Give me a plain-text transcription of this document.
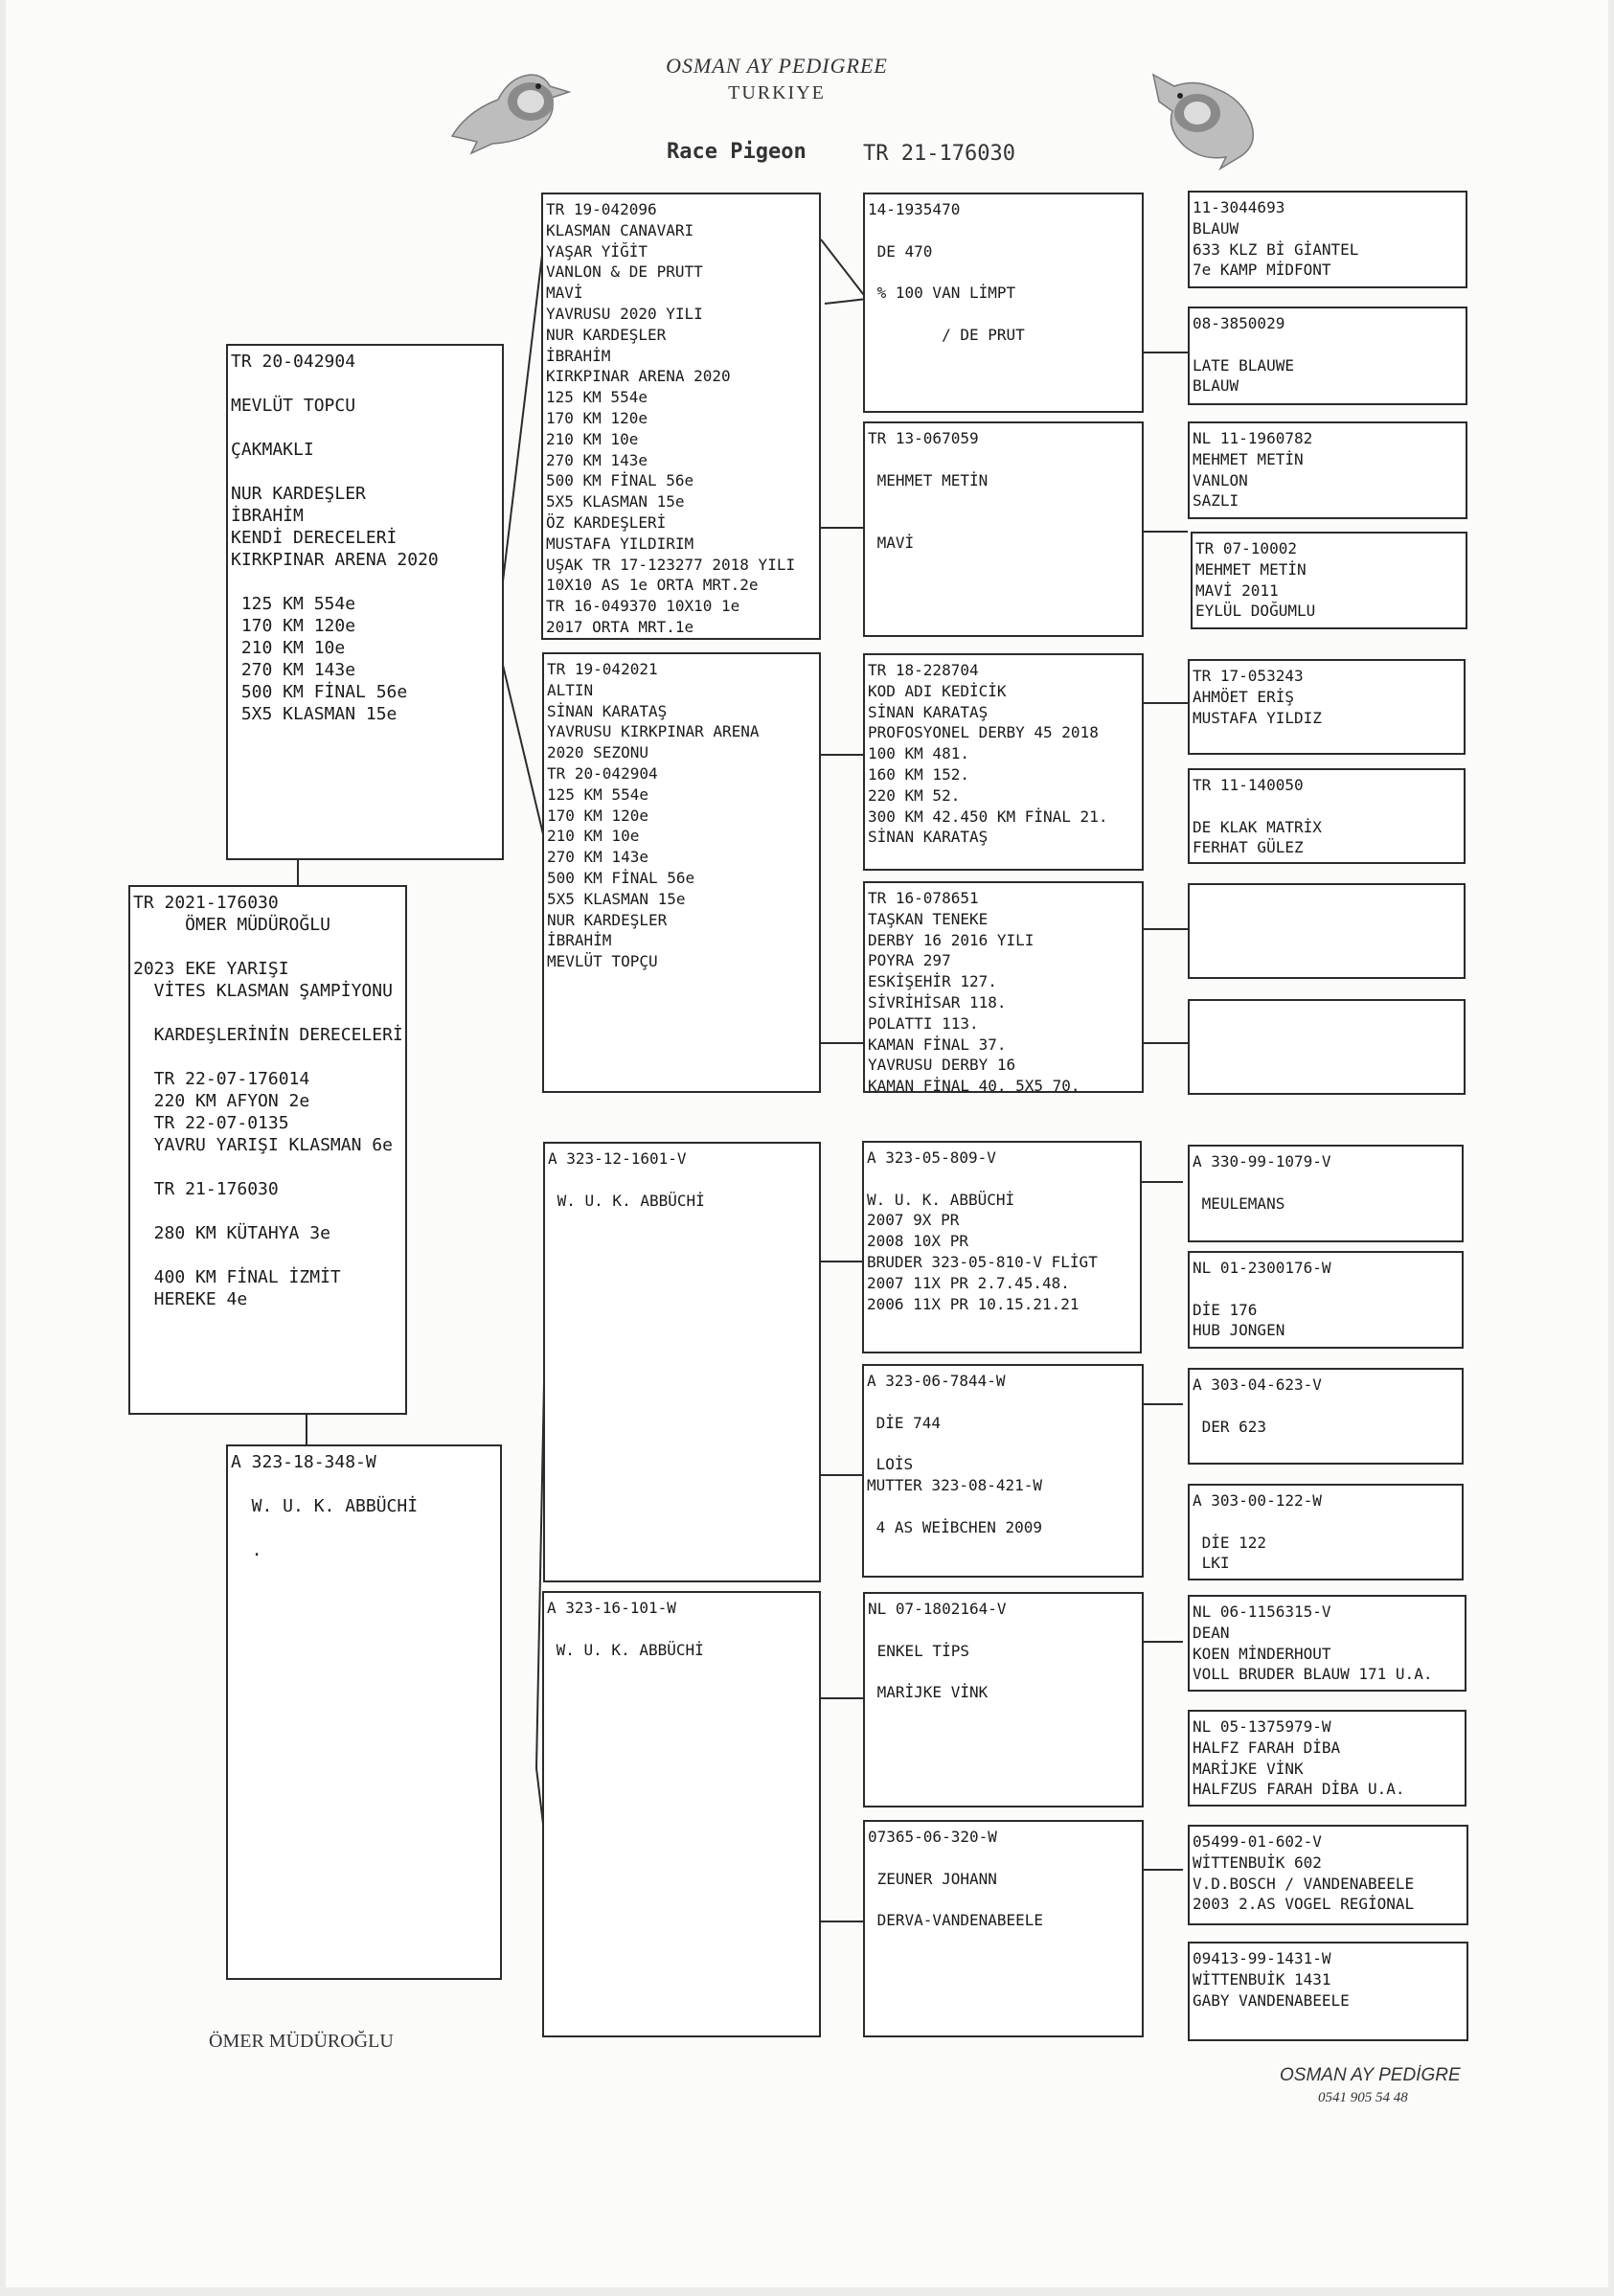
OSMAN AY PEDIGREE
TURKIYE
Race Pigeon	TR 21-176030
TR 2021-176030
ÖMER MÜDÜROĞLU

2023 EKE YARIŞI
VİTES KLASMAN ŞAMPİYONU

KARDEŞLERİNİN DERECELERİ

TR 22-07-176014
220 KM AFYON 2e
TR 22-07-0135
YAVRU YARIŞI KLASMAN 6e

TR 21-176030

280 KM KÜTAHYA 3e

400 KM FİNAL İZMİT
HEREKE 4e
TR 20-042904

MEVLÜT TOPCU

ÇAKMAKLI

NUR KARDEŞLER
İBRAHİM
KENDİ DERECELERİ
KIRKPINAR ARENA 2020

125 KM 554e
170 KM 120e
210 KM 10e
270 KM 143e
500 KM FİNAL 56e
5X5 KLASMAN 15e
A 323-18-348-W

W. U. K. ABBÜCHİ

.
TR 19-042096
KLASMAN CANAVARI
YAŞAR YİĞİT
VANLON & DE PRUTT
MAVİ
YAVRUSU 2020 YILI
NUR KARDEŞLER
İBRAHİM
KIRKPINAR ARENA 2020
125 KM 554e
170 KM 120e
210 KM 10e
270 KM 143e
500 KM FİNAL 56e
5X5 KLASMAN 15e
ÖZ KARDEŞLERİ
MUSTAFA YILDIRIM
UŞAK TR 17-123277 2018 YILI
10X10 AS 1e ORTA MRT.2e
TR 16-049370 10X10 1e
2017 ORTA MRT.1e
TR 19-042021
ALTIN
SİNAN KARATAŞ
YAVRUSU KIRKPINAR ARENA
2020 SEZONU
TR 20-042904
125 KM 554e
170 KM 120e
210 KM 10e
270 KM 143e
500 KM FİNAL 56e
5X5 KLASMAN 15e
NUR KARDEŞLER
İBRAHİM
MEVLÜT TOPÇU
A 323-12-1601-V

W. U. K. ABBÜCHİ
A 323-16-101-W

W. U. K. ABBÜCHİ
14-1935470

DE 470

% 100 VAN LİMPT

/ DE PRUT
TR 13-067059

MEHMET METİN

MAVİ
TR 18-228704
KOD ADI KEDİCİK
SİNAN KARATAŞ
PROFOSYONEL DERBY 45 2018
100 KM 481.
160 KM 152.
220 KM 52.
300 KM 42.450 KM FİNAL 21.
SİNAN KARATAŞ
TR 16-078651
TAŞKAN TENEKE
DERBY 16 2016 YILI
POYRA 297
ESKİŞEHİR 127.
SİVRİHİSAR 118.
POLATTI 113.
KAMAN FİNAL 37.
YAVRUSU DERBY 16
KAMAN FİNAL 40. 5X5 70.
A 323-05-809-V

W. U. K. ABBÜCHİ
2007 9X PR
2008 10X PR
BRUDER 323-05-810-V FLİGT
2007 11X PR 2.7.45.48.
2006 11X PR 10.15.21.21
A 323-06-7844-W

DİE 744

LOİS
MUTTER 323-08-421-W

4 AS WEİBCHEN 2009
NL 07-1802164-V

ENKEL TİPS

MARİJKE VİNK
07365-06-320-W

ZEUNER JOHANN

DERVA-VANDENABEELE
11-3044693
BLAUW
633 KLZ Bİ GİANTEL
7e KAMP MİDFONT
08-3850029

LATE BLAUWE
BLAUW
NL 11-1960782
MEHMET METİN
VANLON
SAZLI
TR 07-10002
MEHMET METİN
MAVİ 2011
EYLÜL DOĞUMLU
TR 17-053243
AHMÖET ERİŞ
MUSTAFA YILDIZ
TR 11-140050

DE KLAK MATRİX
FERHAT GÜLEZ
A 330-99-1079-V

MEULEMANS
NL 01-2300176-W

DİE 176
HUB JONGEN
A 303-04-623-V

DER 623
A 303-00-122-W

DİE 122
LKI
NL 06-1156315-V
DEAN
KOEN MİNDERHOUT
VOLL BRUDER BLAUW 171 U.A.
NL 05-1375979-W
HALFZ FARAH DİBA
MARİJKE VİNK
HALFZUS FARAH DİBA U.A.
05499-01-602-V
WİTTENBUİK 602
V.D.BOSCH / VANDENABEELE
2003 2.AS VOGEL REGİONAL
09413-99-1431-W
WİTTENBUİK 1431
GABY VANDENABEELE
ÖMER MÜDÜROĞLU
OSMAN AY PEDİGRE
0541 905 54 48
